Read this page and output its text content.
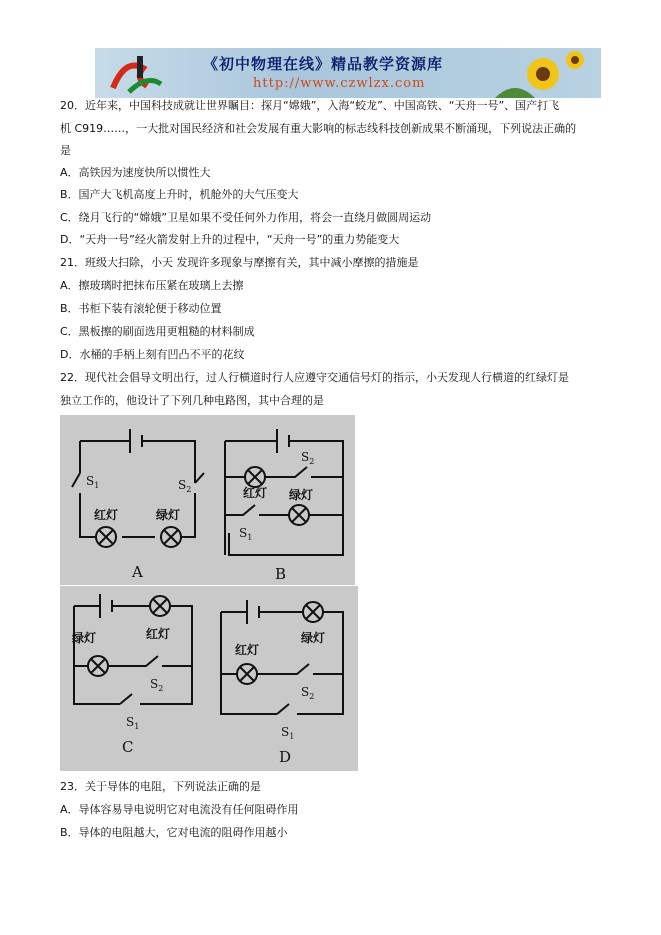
《初中物理在线》精品教学资源库
http://www.czwlzx.com
20．近年来，中国科技成就让世界瞩目：探月“嫦娥”，入海“蛟龙”、中国高铁、“天舟一号”、国产打飞
机 C919……，一大批对国民经济和社会发展有重大影响的标志线科技创新成果不断涌现，下列说法正确的
是
A．高铁因为速度快所以惯性大
B．国产大飞机高度上升时，机舱外的大气压变大
C．绕月飞行的“嫦娥”卫星如果不受任何外力作用，将会一直绕月做圆周运动
D．“天舟一号”经火箭发射上升的过程中，“天舟一号”的重力势能变大
21．班级大扫除，小天 发现许多现象与摩擦有关，其中减小摩擦的措施是
A．擦玻璃时把抹布压紧在玻璃上去擦
B．书柜下装有滚轮便于移动位置
C．黑板擦的刷面选用更粗糙的材料制成
D．水桶的手柄上刻有凹凸不平的花纹
22．现代社会倡导文明出行，过人行横道时行人应遵守交通信号灯的指示，小天发现人行横道的红绿灯是
独立工作的，他设计了下列几种电路图，其中合理的是
$S_1$	$S_2$
红灯	绿灯
A
$S_2$
红灯 绿灯
$S_1$
B
绿灯	红灯
$S_2$
$S_1$
C
红灯
绿灯
$S_2$
$S_1$
D
23．关于导体的电阻，下列说法正确的是
A．导体容易导电说明它对电流没有任何阻碍作用
B．导体的电阻越大，它对电流的阻碍作用越小
